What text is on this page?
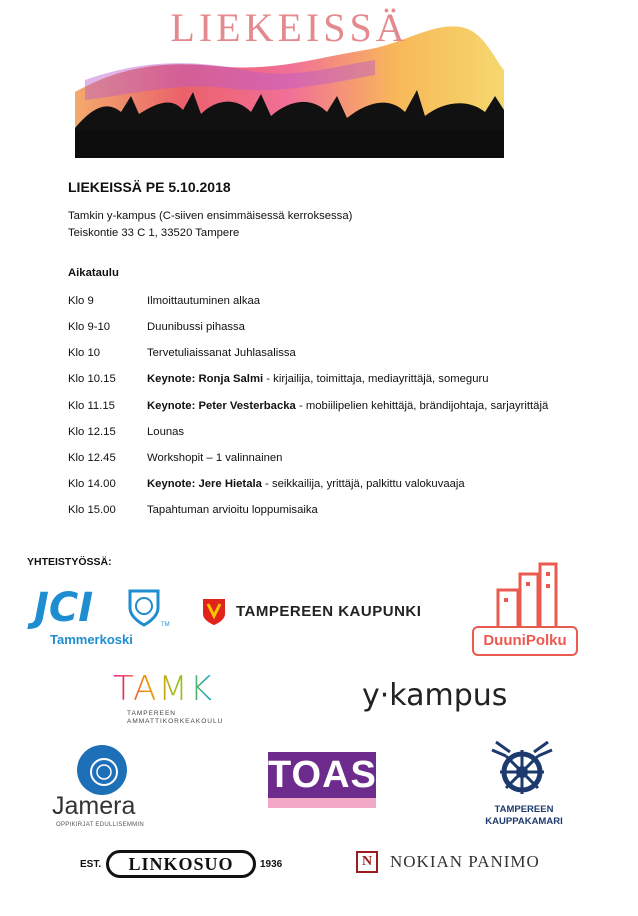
LIEKEISSÄ
LIEKEISSÄ PE 5.10.2018
Tamkin y-kampus (C-siiven ensimmäisessä kerroksessa)
Teiskontie 33 C 1, 33520 Tampere
Aikataulu
Klo 9	Ilmoittautuminen alkaa
Klo 9-10	Duunibussi pihassa
Klo 10	Tervetuliaissanat Juhlasalissa
Klo 10.15	Keynote: Ronja Salmi - kirjailija, toimittaja, mediayrittäjä, someguru
Klo 11.15	Keynote: Peter Vesterbacka - mobiilipelien kehittäjä, brändijohtaja, sarjayrittäjä
Klo 12.15	Lounas
Klo 12.45	Workshopit – 1 valinnainen
Klo 14.00	Keynote: Jere Hietala - seikkailija, yrittäjä, palkittu valokuvaaja
Klo 15.00	Tapahtuman arvioitu loppumisaika
YHTEISTYÖSSÄ:
JCI	TM
Tammerkoski
TAMPEREEN KAUPUNKI
DuuniPolku
TAMK
TAMPEREEN
AMMATTIKORKEAKOULU
y·kampus
Jamera
OPPIKIRJAT EDULLISEMMIN
TOAS
TAMPEREEN
KAUPPAKAMARI
EST.	LINKOSUO	1936	N	NOKIAN PANIMO
